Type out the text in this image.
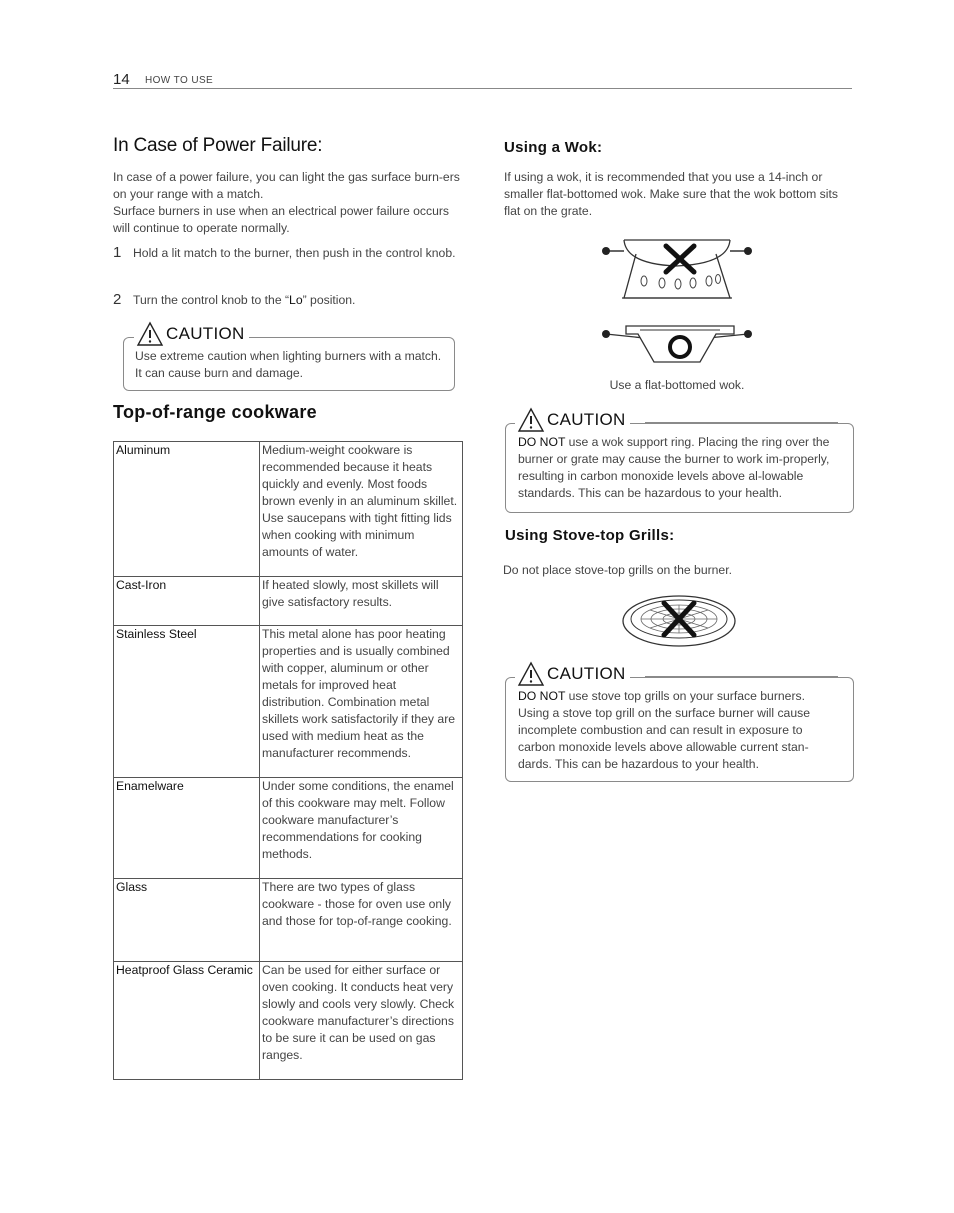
14 HOW TO USE
In Case of Power Failure:
In case of a power failure, you can light the gas surface burn-ers on your range with a match.
Surface burners in use when an electrical power failure occurs will continue to operate normally.
1 Hold a lit match to the burner, then push in the control knob.
2 Turn the control knob to the “Lo” position.
CAUTION
Use extreme caution when lighting burners with a match. It can cause burn and damage.
Top-of-range cookware
Aluminum	Medium-weight cookware is recommended because it heats quickly and evenly. Most foods brown evenly in an aluminum skillet. Use saucepans with tight fitting lids when cooking with minimum amounts of water.
Cast-Iron	If heated slowly, most skillets will give satisfactory results.
Stainless Steel	This metal alone has poor heating properties and is usually combined with copper, aluminum or other metals for improved heat distribution. Combination metal skillets work satisfactorily if they are used with medium heat as the manufacturer recommends.
Enamelware	Under some conditions, the enamel of this cookware may melt. Follow cookware manufacturer’s recommendations for cooking methods.
Glass	There are two types of glass cookware - those for oven use only and those for top-of-range cooking.
Heatproof Glass Ceramic	Can be used for either surface or oven cooking. It conducts heat very slowly and cools very slowly. Check cookware manufacturer’s directions to be sure it can be used on gas ranges.
Using a Wok:

If using a wok, it is recommended that you use a 14-inch or smaller flat-bottomed wok. Make sure that the wok bottom sits flat on the grate.

Use a flat-bottomed wok.

CAUTION
DO NOT use a wok support ring. Placing the ring over the burner or grate may cause the burner to work im-properly, resulting in carbon monoxide levels above al-lowable standards. This can be hazardous to your health.
Using Stove-top Grills:

Do not place stove-top grills on the burner.

CAUTION
DO NOT use stove top grills on your surface burners. Using a stove top grill on the surface burner will cause incomplete combustion and can result in exposure to carbon monoxide levels above allowable current stan-dards. This can be hazardous to your health.
